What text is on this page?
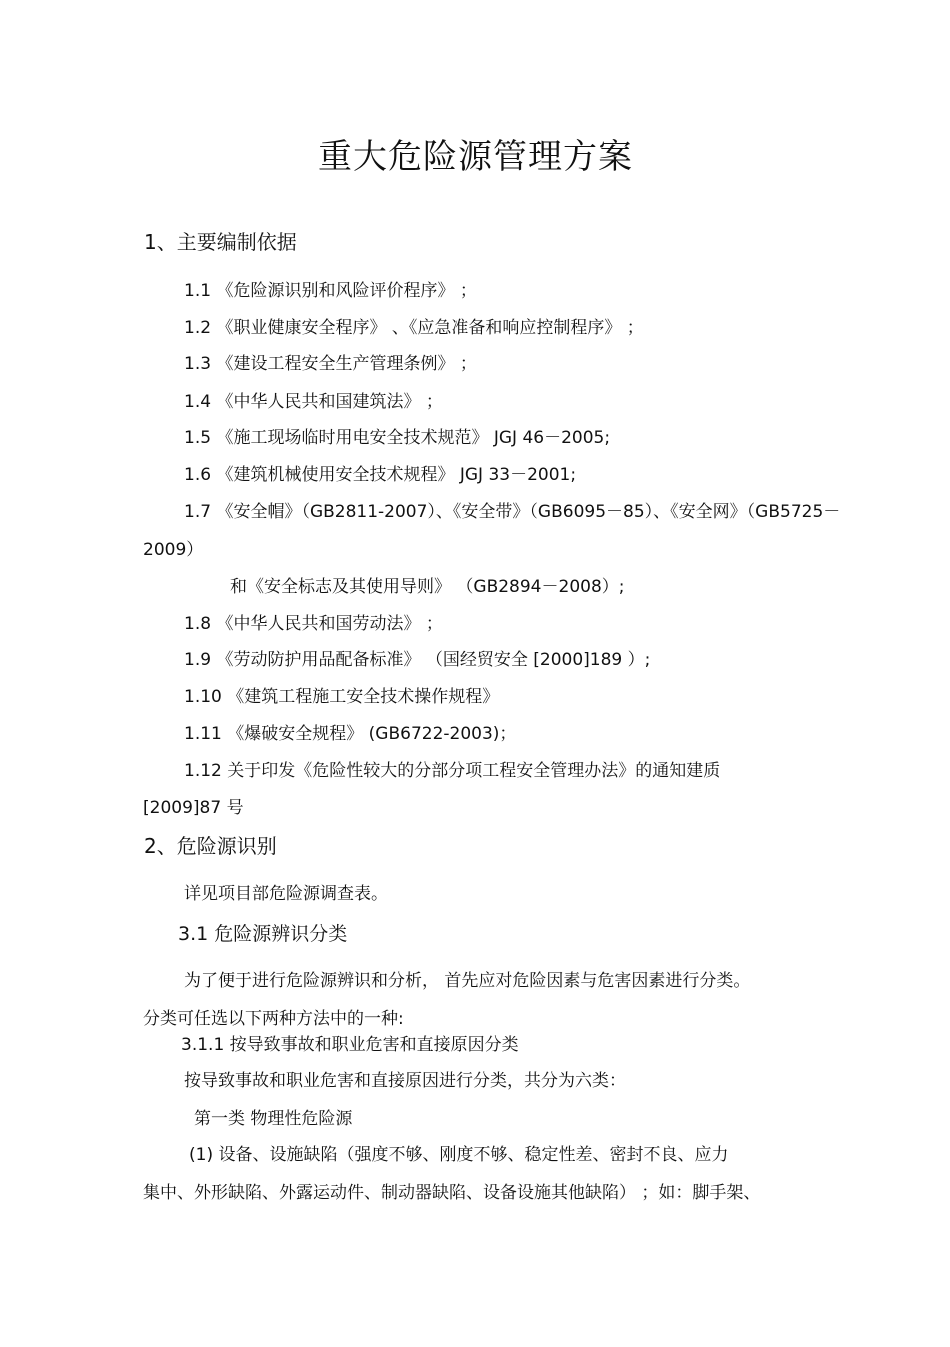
重大危险源管理方案
1、主要编制依据
1.1 《危险源识别和风险评价程序》 ；
1.2 《职业健康安全程序》 、《应急准备和响应控制程序》 ；
1.3 《建设工程安全生产管理条例》 ；
1.4 《中华人民共和国建筑法》 ；
1.5 《施工现场临时用电安全技术规范》 JGJ 46－2005;
1.6 《建筑机械使用安全技术规程》 JGJ 33－2001;
1.7 《安全帽》（GB2811-2007）、《安全带》（GB6095－85）、《安全网》（GB5725－
2009）
和《安全标志及其使用导则》 （GB2894－2008）;
1.8 《中华人民共和国劳动法》 ；
1.9 《劳动防护用品配备标准》 （国经贸安全 [2000]189 ）;
1.10 《建筑工程施工安全技术操作规程》
1.11 《爆破安全规程》 (GB6722-2003)；
1.12 关于印发《危险性较大的分部分项工程安全管理办法》的通知建质
[2009]87 号
2、危险源识别
详见项目部危险源调查表。
3.1 危险源辨识分类
为了便于进行危险源辨识和分析， 首先应对危险因素与危害因素进行分类。
分类可任选以下两种方法中的一种:
3.1.1 按导致事故和职业危害和直接原因分类
按导致事故和职业危害和直接原因进行分类，共分为六类：
第一类 物理性危险源
(1) 设备、设施缺陷（强度不够、刚度不够、稳定性差、密封不良、应力
集中、外形缺陷、外露运动件、制动器缺陷、设备设施其他缺陷） ；如：脚手架、
